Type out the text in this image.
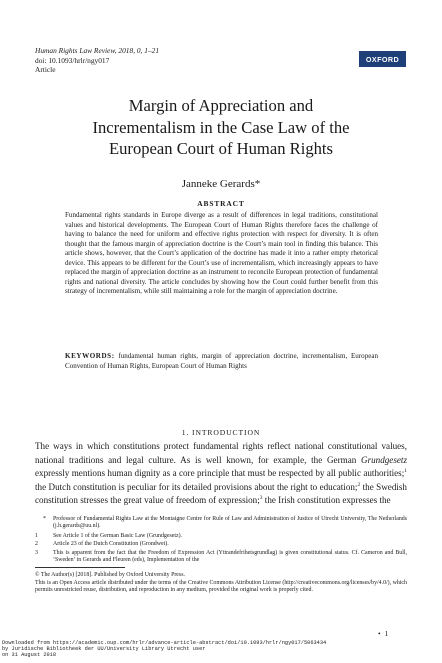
Human Rights Law Review, 2018, 0, 1–21
doi: 10.1093/hrlr/ngy017
Article
OXFORD
Margin of Appreciation and
Incrementalism in the Case Law of the
European Court of Human Rights
Janneke Gerards*
ABSTRACT
Fundamental rights standards in Europe diverge as a result of differences in legal traditions, constitutional values and historical developments. The European Court of Human Rights therefore faces the challenge of having to balance the need for uniform and effective rights protection with respect for diversity. It is often thought that the famous margin of appreciation doctrine is the Court’s main tool in finding this balance. This article shows, however, that the Court’s application of the doctrine has made it into a rather empty rhetorical device. This appears to be different for the Court’s use of incrementalism, which increasingly appears to have replaced the margin of appreciation doctrine as an instrument to reconcile European protection of fundamental rights and national diversity. The article concludes by showing how the Court could further benefit from this strategy of incrementalism, while still maintaining a role for the margin of appreciation doctrine.
KEYWORDS: fundamental human rights, margin of appreciation doctrine, incrementalism, European Convention of Human Rights, European Court of Human Rights
1. INTRODUCTION
The ways in which constitutions protect fundamental rights reflect national constitutional values, national traditions and legal culture. As is well known, for example, the German Grundgesetz expressly mentions human dignity as a core principle that must be respected by all public authorities;$^1$ the Dutch constitution is peculiar for its detailed provisions about the right to education;$^2$ the Swedish constitution stresses the great value of freedom of expression;$^3$ the Irish constitution expresses the
* Professor of Fundamental Rights Law at the Montaigne Centre for Rule of Law and Administration of Justice of Utrecht University, The Netherlands (j.h.gerards@uu.nl).
1	See Article 1 of the German Basic Law (Grundgesetz).
2	Article 23 of the Dutch Constitution (Grondwet).
3	This is apparent from the fact that the Freedom of Expression Act (Yttrandefrihetsgrundlag) is given constitutional status. Cf. Cameron and Bull, ‘Sweden’ in Gerards and Fleuren (eds), Implementation of the
© The Author(s) [2018]. Published by Oxford University Press.
This is an Open Access article distributed under the terms of the Creative Commons Attribution License (http://creativecommons.org/licenses/by/4.0/), which permits unrestricted reuse, distribution, and reproduction in any medium, provided the original work is properly cited.
• 1
Downloaded from https://academic.oup.com/hrlr/advance-article-abstract/doi/10.1093/hrlr/ngy017/5063434
by Juridische Bibliotheek der UU/University Library Utrecht user
on 31 August 2018
